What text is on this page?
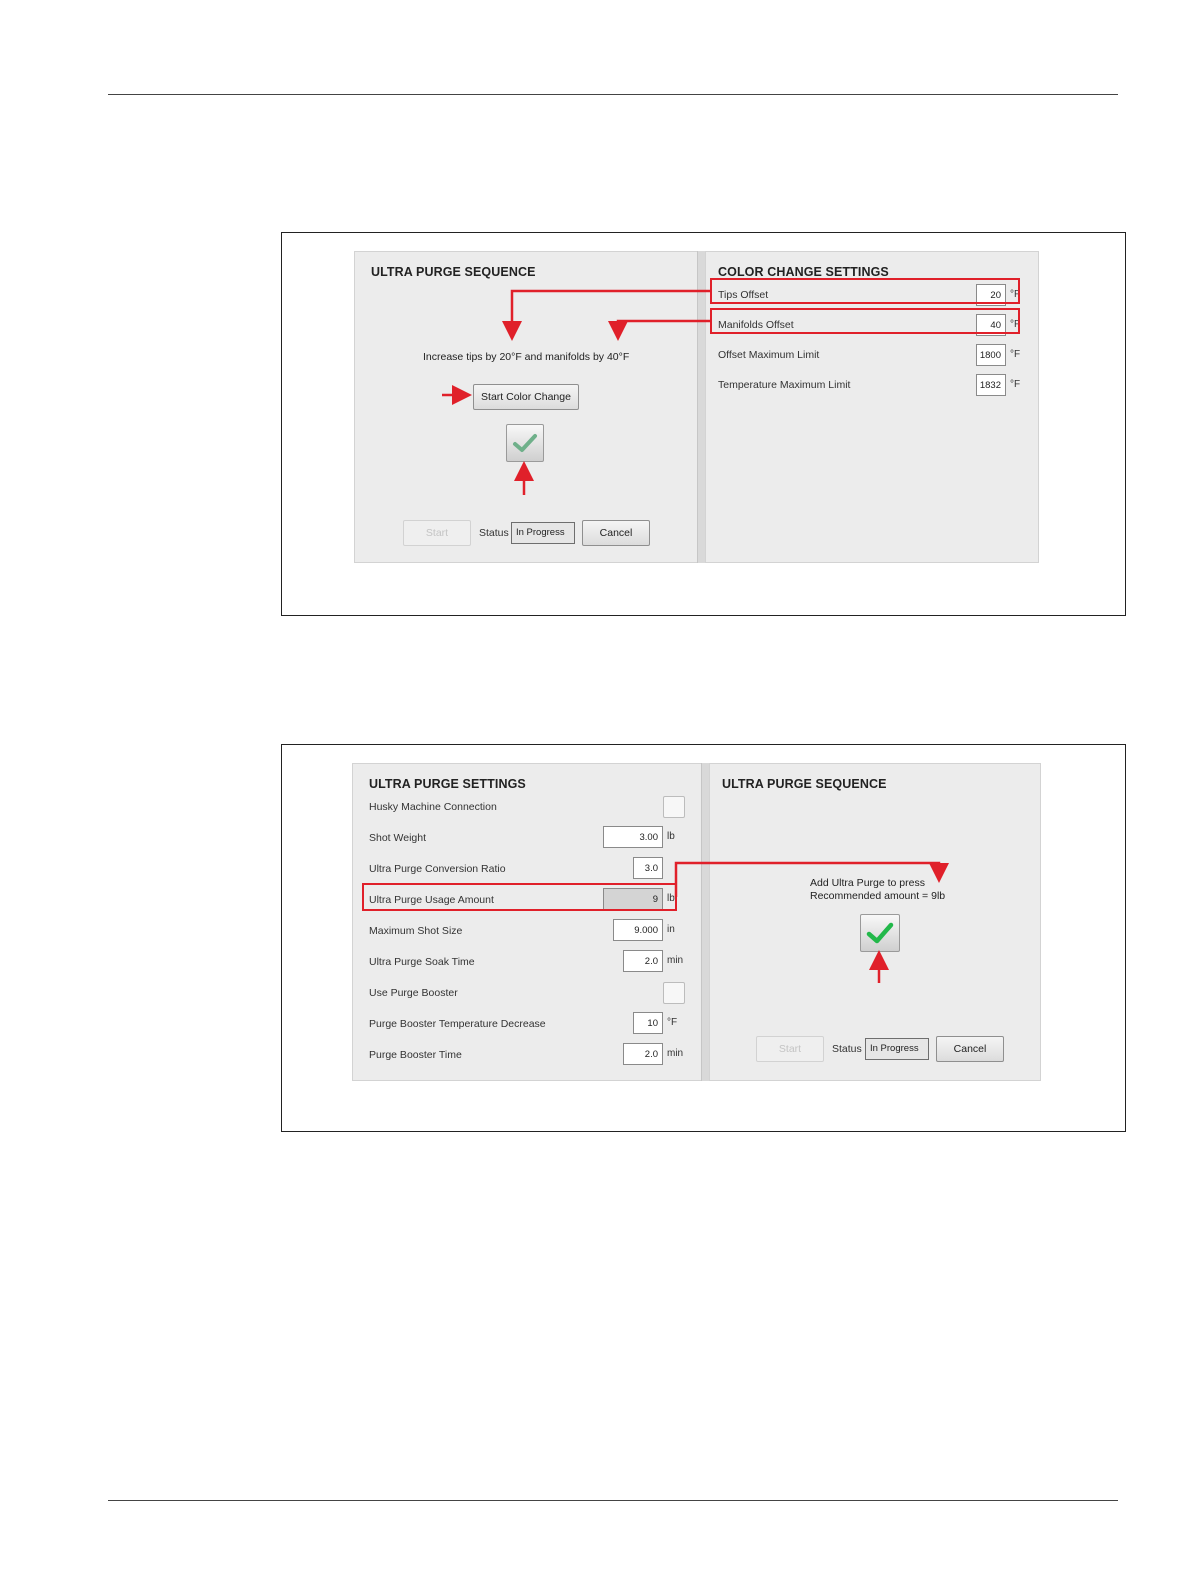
ULTRA PURGE SEQUENCE
Increase tips by 20°F and manifolds by 40°F
Start Color Change
Start	Status In Progress	Cancel
COLOR CHANGE SETTINGS
Tips Offset	20 °F
Manifolds Offset	40 °F
Offset Maximum Limit	1800 °F
Temperature Maximum Limit	1832 °F
ULTRA PURGE SETTINGS
Husky Machine Connection
Shot Weight	3.00 lb
Ultra Purge Conversion Ratio	3.0
Ultra Purge Usage Amount	9 lb
Maximum Shot Size	9.000 in
Ultra Purge Soak Time	2.0 min
Use Purge Booster
Purge Booster Temperature Decrease	10 °F
Purge Booster Time	2.0 min
ULTRA PURGE SEQUENCE
Add Ultra Purge to press
Recommended amount = 9lb
Start	Status In Progress	Cancel
